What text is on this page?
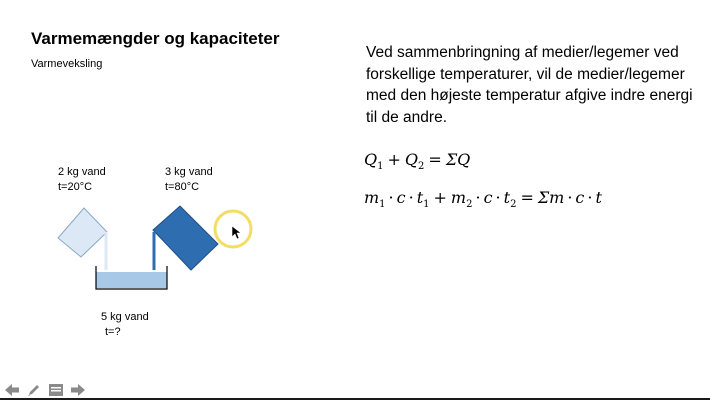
Varmemængder og kapaciteter
Varmeveksling
Ved sammenbringning af medier/legemer ved forskellige temperaturer, vil de medier/legemer med den højeste temperatur afgive indre energi til de andre.
2 kg vand
t=20°C
3 kg vand
t=80°C
5 kg vand
t=?
$Q_1 + Q_2 = \Sigma Q$
$m_1 \cdot c \cdot t_1 + m_2 \cdot c \cdot t_2 = \Sigma m \cdot c \cdot t$
